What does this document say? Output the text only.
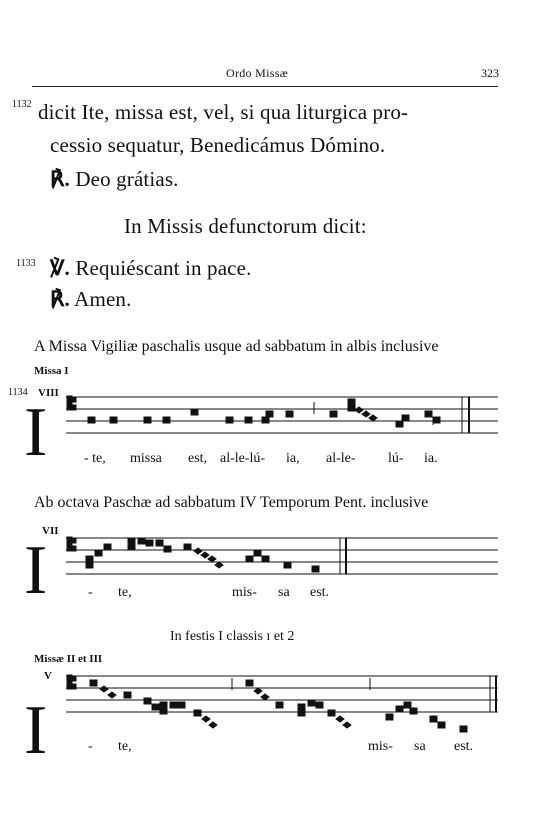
Ordo Missæ	323
1132 dicit Ite, missa est, vel, si qua liturgica pro-
cessio sequatur, Benedicámus Dómino.
℟. Deo grátias.
In Missis defunctorum dicit:
1133 ℣. Requiéscant in pace.
℟. Amen.
A Missa Vigiliæ paschalis usque ad sabbatum in albis inclusive
Missa I
1134 VIII
I
Ab octava Paschæ ad sabbatum IV Temporum Pent. inclusive
VII
I
In festis I classis ɪ et 2
Missæ II et III
V
I
- te, missa est, al-le-lú- ia, al-le- lú- ia.
- te,	mis- sa est.
- te,	mis- sa est.
